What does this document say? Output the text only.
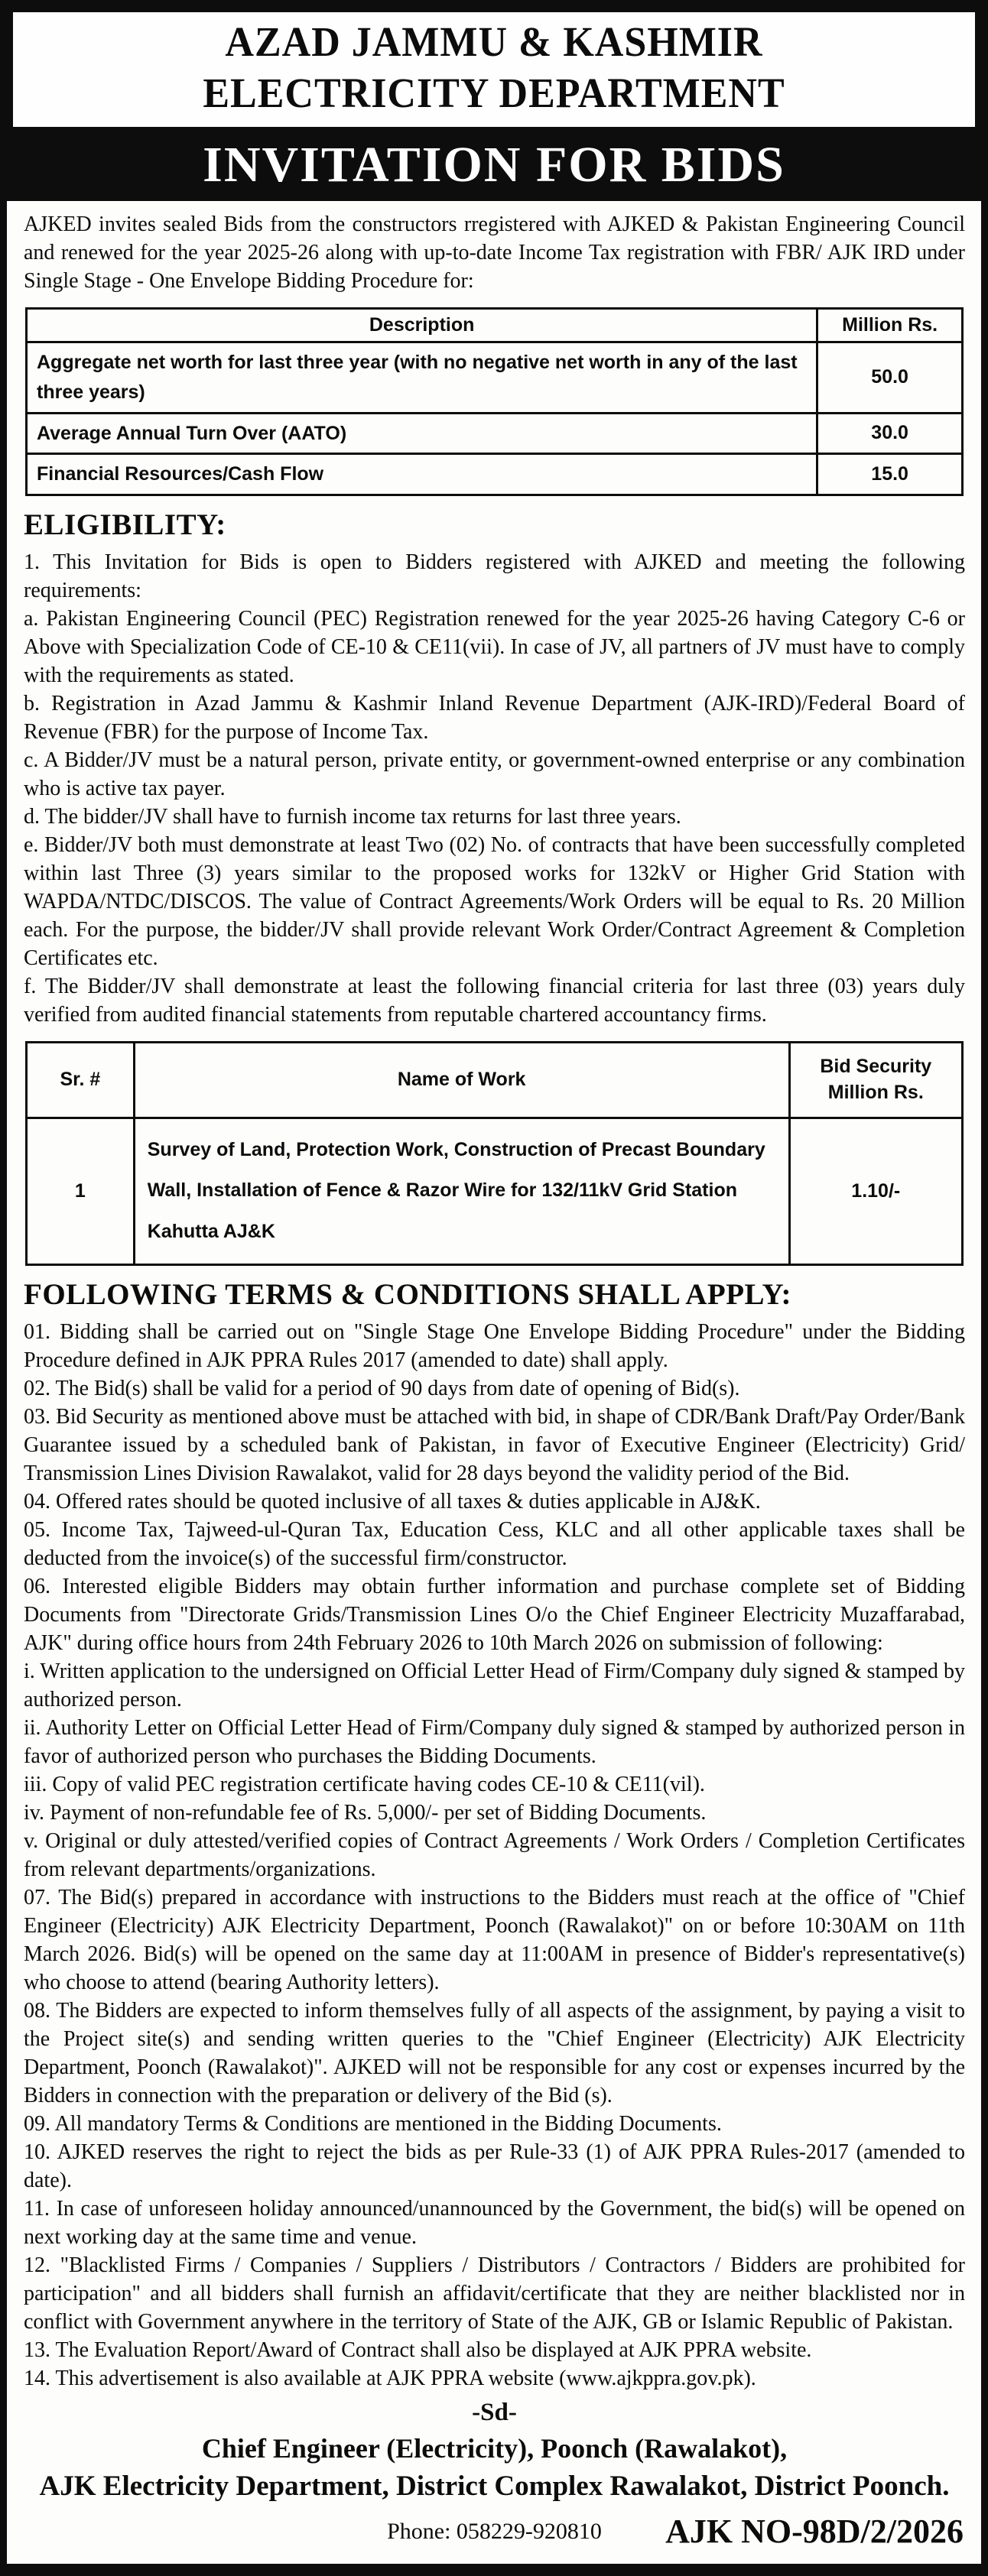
AZAD JAMMU & KASHMIR
ELECTRICITY DEPARTMENT
INVITATION FOR BIDS

AJKED invites sealed Bids from the constructors rregistered with AJKED & Pakistan Engineering Council and renewed for the year 2025-26 along with up-to-date Income Tax registration with FBR/ AJK IRD under Single Stage - One Envelope Bidding Procedure for:

Description	Million Rs.
Aggregate net worth for last three year (with no negative net worth in any of the last three years)	50.0
Average Annual Turn Over (AATO)	30.0
Financial Resources/Cash Flow	15.0
ELIGIBILITY:

1. This Invitation for Bids is open to Bidders registered with AJKED and meeting the following requirements:

a. Pakistan Engineering Council (PEC) Registration renewed for the year 2025-26 having Category C-6 or Above with Specialization Code of CE-10 & CE11(vii). In case of JV, all partners of JV must have to comply with the requirements as stated.

b. Registration in Azad Jammu & Kashmir Inland Revenue Department (AJK-IRD)/Federal Board of Revenue (FBR) for the purpose of Income Tax.

c. A Bidder/JV must be a natural person, private entity, or government-owned enterprise or any combination who is active tax payer.

d. The bidder/JV shall have to furnish income tax returns for last three years.

e. Bidder/JV both must demonstrate at least Two (02) No. of contracts that have been successfully completed within last Three (3) years similar to the proposed works for 132kV or Higher Grid Station with WAPDA/NTDC/DISCOS. The value of Contract Agreements/Work Orders will be equal to Rs. 20 Million each. For the purpose, the bidder/JV shall provide relevant Work Order/Contract Agreement & Completion Certificates etc.

f. The Bidder/JV shall demonstrate at least the following financial criteria for last three (03) years duly verified from audited financial statements from reputable chartered accountancy firms.

Sr. #	Name of Work	Bid Security Million Rs.
1	Survey of Land, Protection Work, Construction of Precast Boundary Wall, Installation of Fence & Razor Wire for 132/11kV Grid Station Kahutta AJ&K	1.10/-
FOLLOWING TERMS & CONDITIONS SHALL APPLY:

01. Bidding shall be carried out on "Single Stage One Envelope Bidding Procedure" under the Bidding Procedure defined in AJK PPRA Rules 2017 (amended to date) shall apply.

02. The Bid(s) shall be valid for a period of 90 days from date of opening of Bid(s).

03. Bid Security as mentioned above must be attached with bid, in shape of CDR/Bank Draft/Pay Order/Bank Guarantee issued by a scheduled bank of Pakistan, in favor of Executive Engineer (Electricity) Grid/ Transmission Lines Division Rawalakot, valid for 28 days beyond the validity period of the Bid.

04. Offered rates should be quoted inclusive of all taxes & duties applicable in AJ&K.

05. Income Tax, Tajweed-ul-Quran Tax, Education Cess, KLC and all other applicable taxes shall be deducted from the invoice(s) of the successful firm/constructor.

06. Interested eligible Bidders may obtain further information and purchase complete set of Bidding Documents from "Directorate Grids/Transmission Lines O/o the Chief Engineer Electricity Muzaffarabad, AJK" during office hours from 24th February 2026 to 10th March 2026 on submission of following:

i. Written application to the undersigned on Official Letter Head of Firm/Company duly signed & stamped by authorized person.

ii. Authority Letter on Official Letter Head of Firm/Company duly signed & stamped by authorized person in favor of authorized person who purchases the Bidding Documents.

iii. Copy of valid PEC registration certificate having codes CE-10 & CE11(vil).

iv. Payment of non-refundable fee of Rs. 5,000/- per set of Bidding Documents.

v. Original or duly attested/verified copies of Contract Agreements / Work Orders / Completion Certificates from relevant departments/organizations.

07. The Bid(s) prepared in accordance with instructions to the Bidders must reach at the office of "Chief Engineer (Electricity) AJK Electricity Department, Poonch (Rawalakot)" on or before 10:30AM on 11th March 2026. Bid(s) will be opened on the same day at 11:00AM in presence of Bidder's representative(s) who choose to attend (bearing Authority letters).

08. The Bidders are expected to inform themselves fully of all aspects of the assignment, by paying a visit to the Project site(s) and sending written queries to the "Chief Engineer (Electricity) AJK Electricity Department, Poonch (Rawalakot)". AJKED will not be responsible for any cost or expenses incurred by the Bidders in connection with the preparation or delivery of the Bid (s).

09. All mandatory Terms & Conditions are mentioned in the Bidding Documents.

10. AJKED reserves the right to reject the bids as per Rule-33 (1) of AJK PPRA Rules-2017 (amended to date).

11. In case of unforeseen holiday announced/unannounced by the Government, the bid(s) will be opened on next working day at the same time and venue.

12. "Blacklisted Firms / Companies / Suppliers / Distributors / Contractors / Bidders are prohibited for participation" and all bidders shall furnish an affidavit/certificate that they are neither blacklisted nor in conflict with Government anywhere in the territory of State of the AJK, GB or Islamic Republic of Pakistan.

13. The Evaluation Report/Award of Contract shall also be displayed at AJK PPRA website.

14. This advertisement is also available at AJK PPRA website (www.ajkppra.gov.pk).

-Sd-
Chief Engineer (Electricity), Poonch (Rawalakot),
AJK Electricity Department, District Complex Rawalakot, District Poonch.
Phone: 058229-920810	AJK NO-98D/2/2026
